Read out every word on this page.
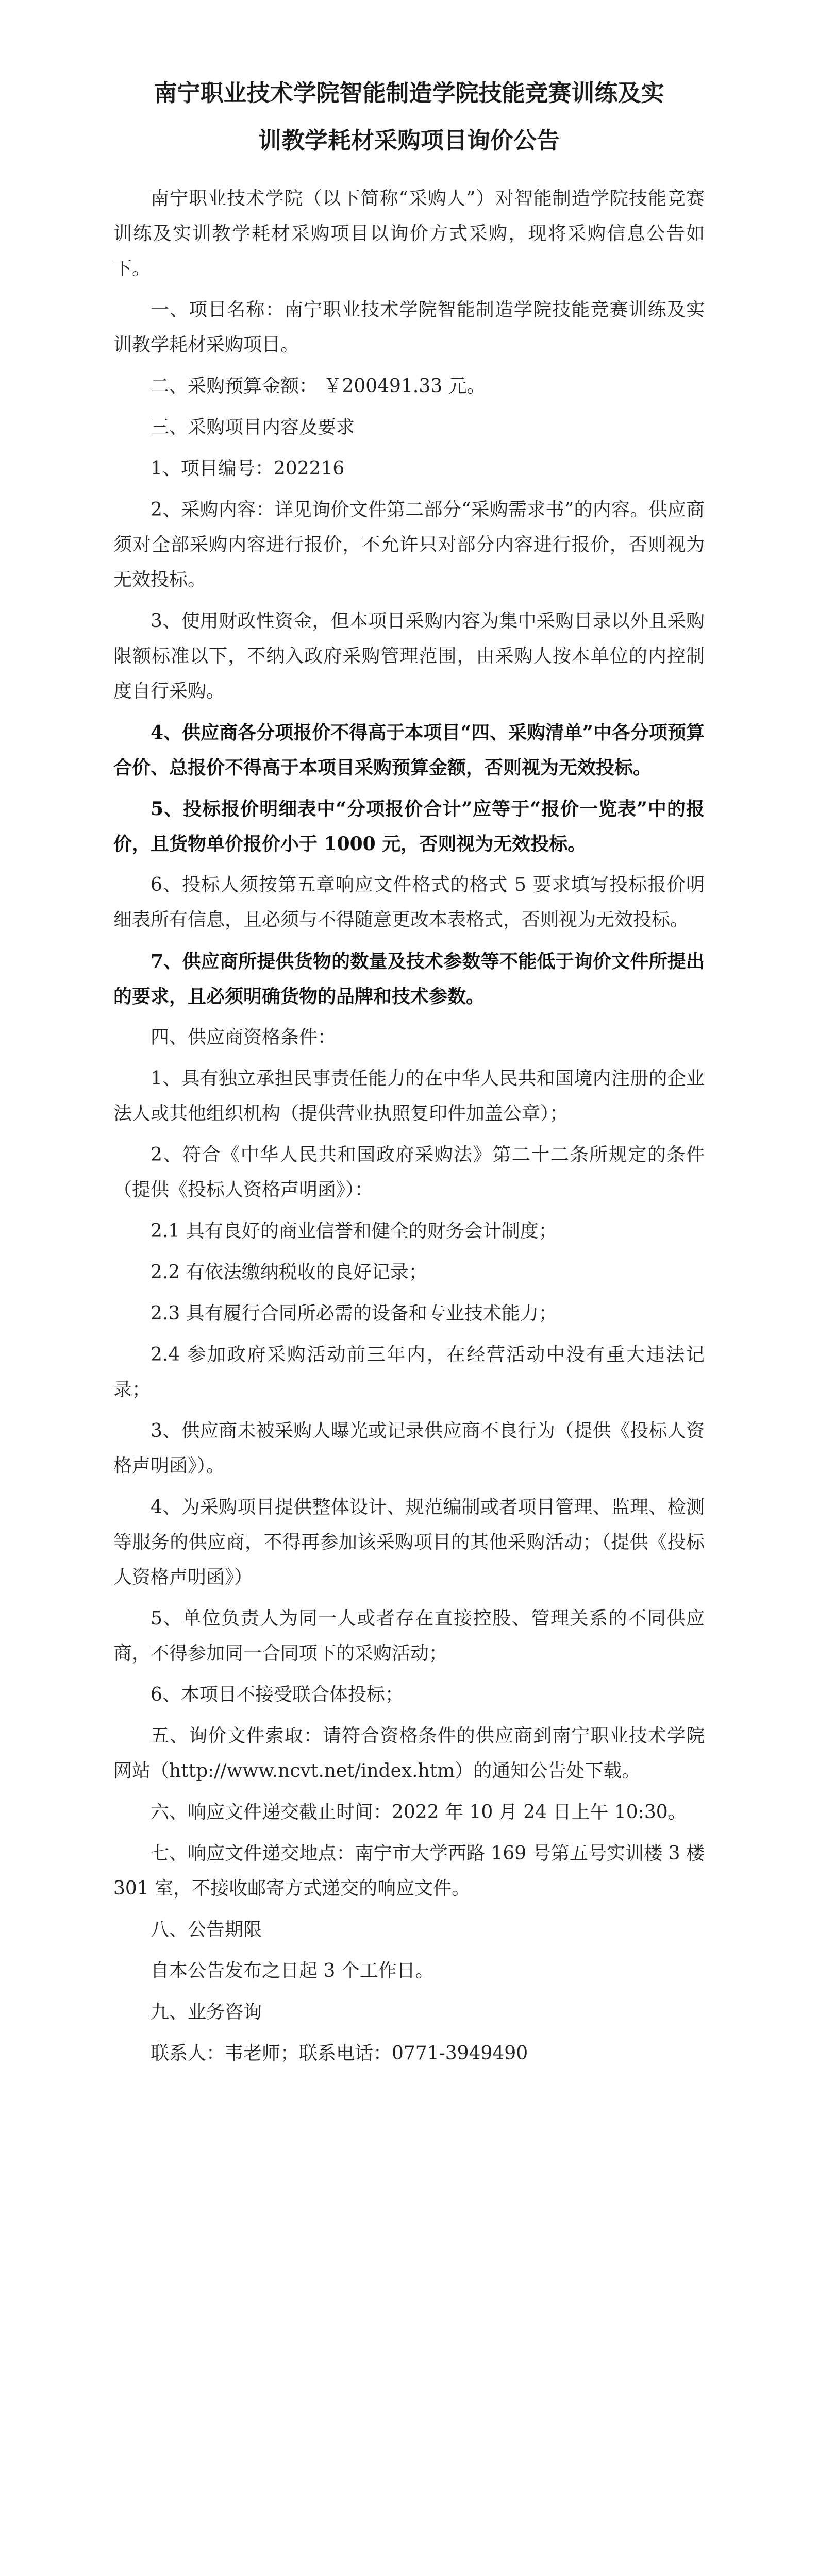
南宁职业技术学院智能制造学院技能竞赛训练及实
训教学耗材采购项目询价公告

南宁职业技术学院（以下简称“采购人”）对智能制造学院技能竞赛训练及实训教学耗材采购项目以询价方式采购，现将采购信息公告如下。

一、项目名称：南宁职业技术学院智能制造学院技能竞赛训练及实训教学耗材采购项目。

二、采购预算金额： ￥200491.33 元。

三、采购项目内容及要求

1、项目编号：202216

2、采购内容：详见询价文件第二部分“采购需求书”的内容。供应商须对全部采购内容进行报价，不允许只对部分内容进行报价，否则视为无效投标。

3、使用财政性资金，但本项目采购内容为集中采购目录以外且采购限额标准以下，不纳入政府采购管理范围，由采购人按本单位的内控制度自行采购。

4、供应商各分项报价不得高于本项目“四、采购清单”中各分项预算合价、总报价不得高于本项目采购预算金额，否则视为无效投标。

5、投标报价明细表中“分项报价合计”应等于“报价一览表”中的报价，且货物单价报价小于 1000 元，否则视为无效投标。

6、投标人须按第五章响应文件格式的格式 5 要求填写投标报价明细表所有信息，且必须与不得随意更改本表格式，否则视为无效投标。

7、供应商所提供货物的数量及技术参数等不能低于询价文件所提出的要求，且必须明确货物的品牌和技术参数。

四、供应商资格条件：

1、具有独立承担民事责任能力的在中华人民共和国境内注册的企业法人或其他组织机构（提供营业执照复印件加盖公章）；

2、符合《中华人民共和国政府采购法》第二十二条所规定的条件（提供《投标人资格声明函》）：

2.1 具有良好的商业信誉和健全的财务会计制度；

2.2 有依法缴纳税收的良好记录；

2.3 具有履行合同所必需的设备和专业技术能力；

2.4 参加政府采购活动前三年内，在经营活动中没有重大违法记录；

3、供应商未被采购人曝光或记录供应商不良行为（提供《投标人资格声明函》）。

4、为采购项目提供整体设计、规范编制或者项目管理、监理、检测等服务的供应商，不得再参加该采购项目的其他采购活动；（提供《投标人资格声明函》）

5、单位负责人为同一人或者存在直接控股、管理关系的不同供应商，不得参加同一合同项下的采购活动；

6、本项目不接受联合体投标；

五、询价文件索取：请符合资格条件的供应商到南宁职业技术学院网站（http://www.ncvt.net/index.htm）的通知公告处下载。

六、响应文件递交截止时间：2022 年 10 月 24 日上午 10:30。

七、响应文件递交地点：南宁市大学西路 169 号第五号实训楼 3 楼 301 室，不接收邮寄方式递交的响应文件。

八、公告期限

自本公告发布之日起 3 个工作日。

九、业务咨询

联系人：韦老师；联系电话：0771-3949490
